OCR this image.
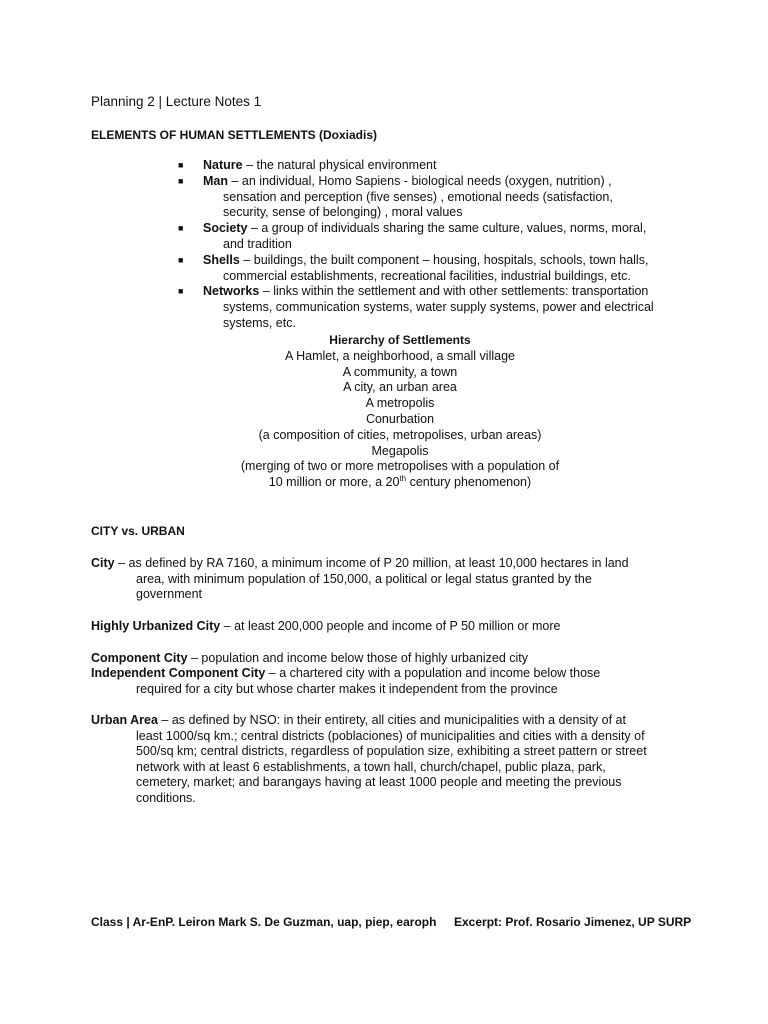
Planning 2 | Lecture Notes 1
ELEMENTS OF HUMAN SETTLEMENTS (Doxiadis)
■ Nature – the natural physical environment
■ Man – an individual, Homo Sapiens - biological needs (oxygen, nutrition) ,
sensation and perception (five senses) , emotional needs (satisfaction,
security, sense of belonging) , moral values
■ Society – a group of individuals sharing the same culture, values, norms, moral,
and tradition
■ Shells – buildings, the built component – housing, hospitals, schools, town halls,
commercial establishments, recreational facilities, industrial buildings, etc.
■ Networks – links within the settlement and with other settlements: transportation
systems, communication systems, water supply systems, power and electrical
systems, etc.
Hierarchy of Settlements
A Hamlet, a neighborhood, a small village
A community, a town
A city, an urban area
A metropolis
Conurbation
(a composition of cities, metropolises, urban areas)
Megapolis
(merging of two or more metropolises with a population of
10 million or more, a 20th century phenomenon)
CITY vs. URBAN
City – as defined by RA 7160, a minimum income of P 20 million, at least 10,000 hectares in land
area, with minimum population of 150,000, a political or legal status granted by the
government
Highly Urbanized City – at least 200,000 people and income of P 50 million or more
Component City – population and income below those of highly urbanized city
Independent Component City – a chartered city with a population and income below those
required for a city but whose charter makes it independent from the province
Urban Area – as defined by NSO: in their entirety, all cities and municipalities with a density of at
least 1000/sq km.; central districts (poblaciones) of municipalities and cities with a density of
500/sq km; central districts, regardless of population size, exhibiting a street pattern or street
network with at least 6 establishments, a town hall, church/chapel, public plaza, park,
cemetery, market; and barangays having at least 1000 people and meeting the previous
conditions.
Class | Ar-EnP. Leiron Mark S. De Guzman, uap, piep, earoph Excerpt: Prof. Rosario Jimenez, UP SURP
